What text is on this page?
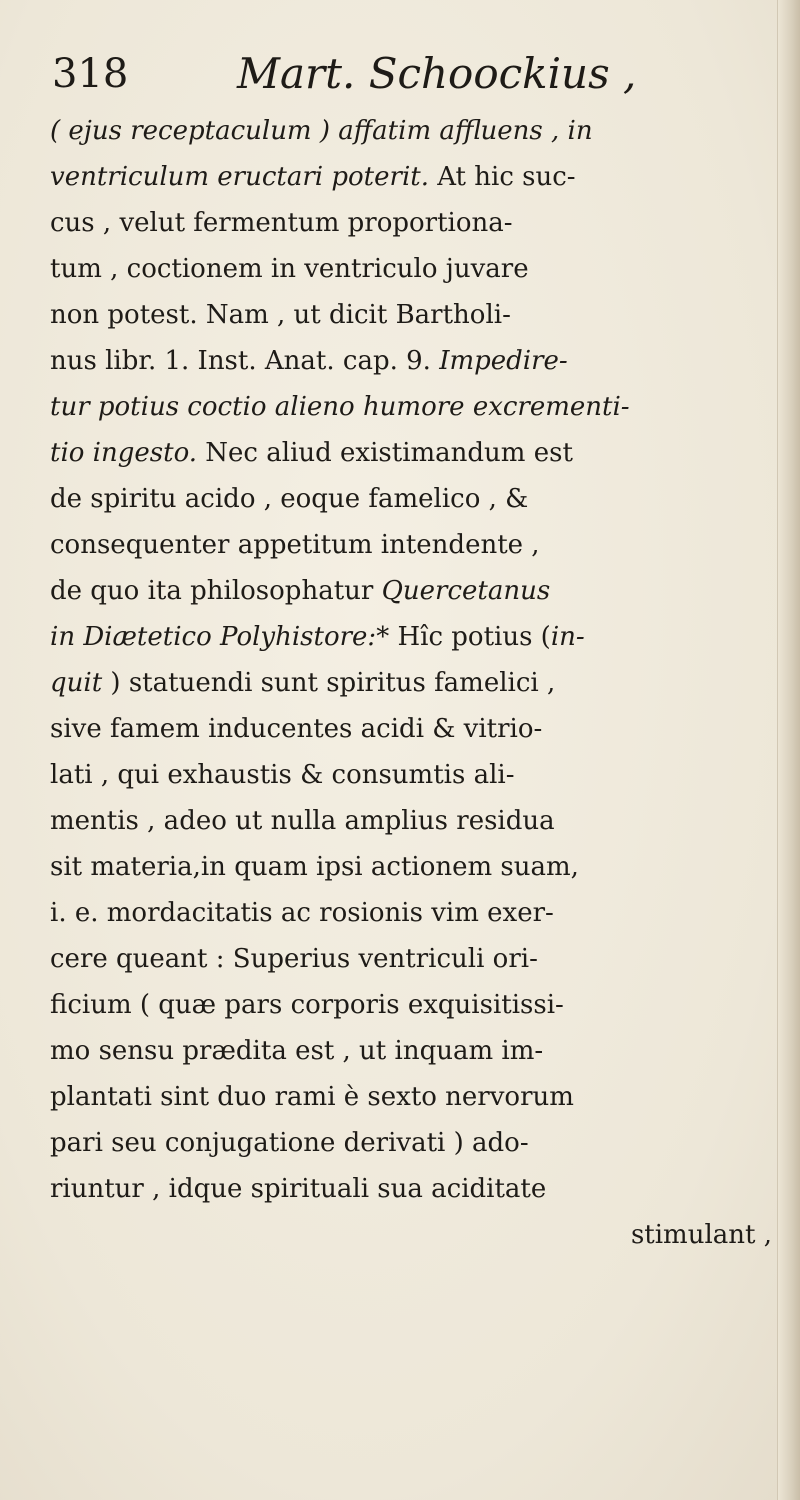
318	Mart. Schoockius ,
( ejus receptaculum ) affatim affluens , in
ventriculum eructari poterit. At hic suc-
cus , velut fermentum proportiona-
tum , coctionem in ventriculo juvare
non potest. Nam , ut dicit Bartholi-
nus libr. 1. Inst. Anat. cap. 9. Impedire-
tur potius coctio alieno humore excrementi-
tio ingesto. Nec aliud existimandum est
de spiritu acido , eoque famelico , &
consequenter appetitum intendente ,
de quo ita philosophatur Quercetanus
in Diætetico Polyhistore:* Hîc potius (in-
quit ) statuendi sunt spiritus famelici ,
sive famem inducentes acidi & vitrio-
lati , qui exhaustis & consumtis ali-
mentis , adeo ut nulla amplius residua
sit materia,in quam ipsi actionem suam,
i. e. mordacitatis ac rosionis vim exer-
cere queant : Superius ventriculi ori-
ficium ( quæ pars corporis exquisitissi-
mo sensu prædita est , ut inquam im-
plantati sint duo rami è sexto nervorum
pari seu conjugatione derivati ) ado-
riuntur , idque spirituali sua aciditate
stimulant ,
